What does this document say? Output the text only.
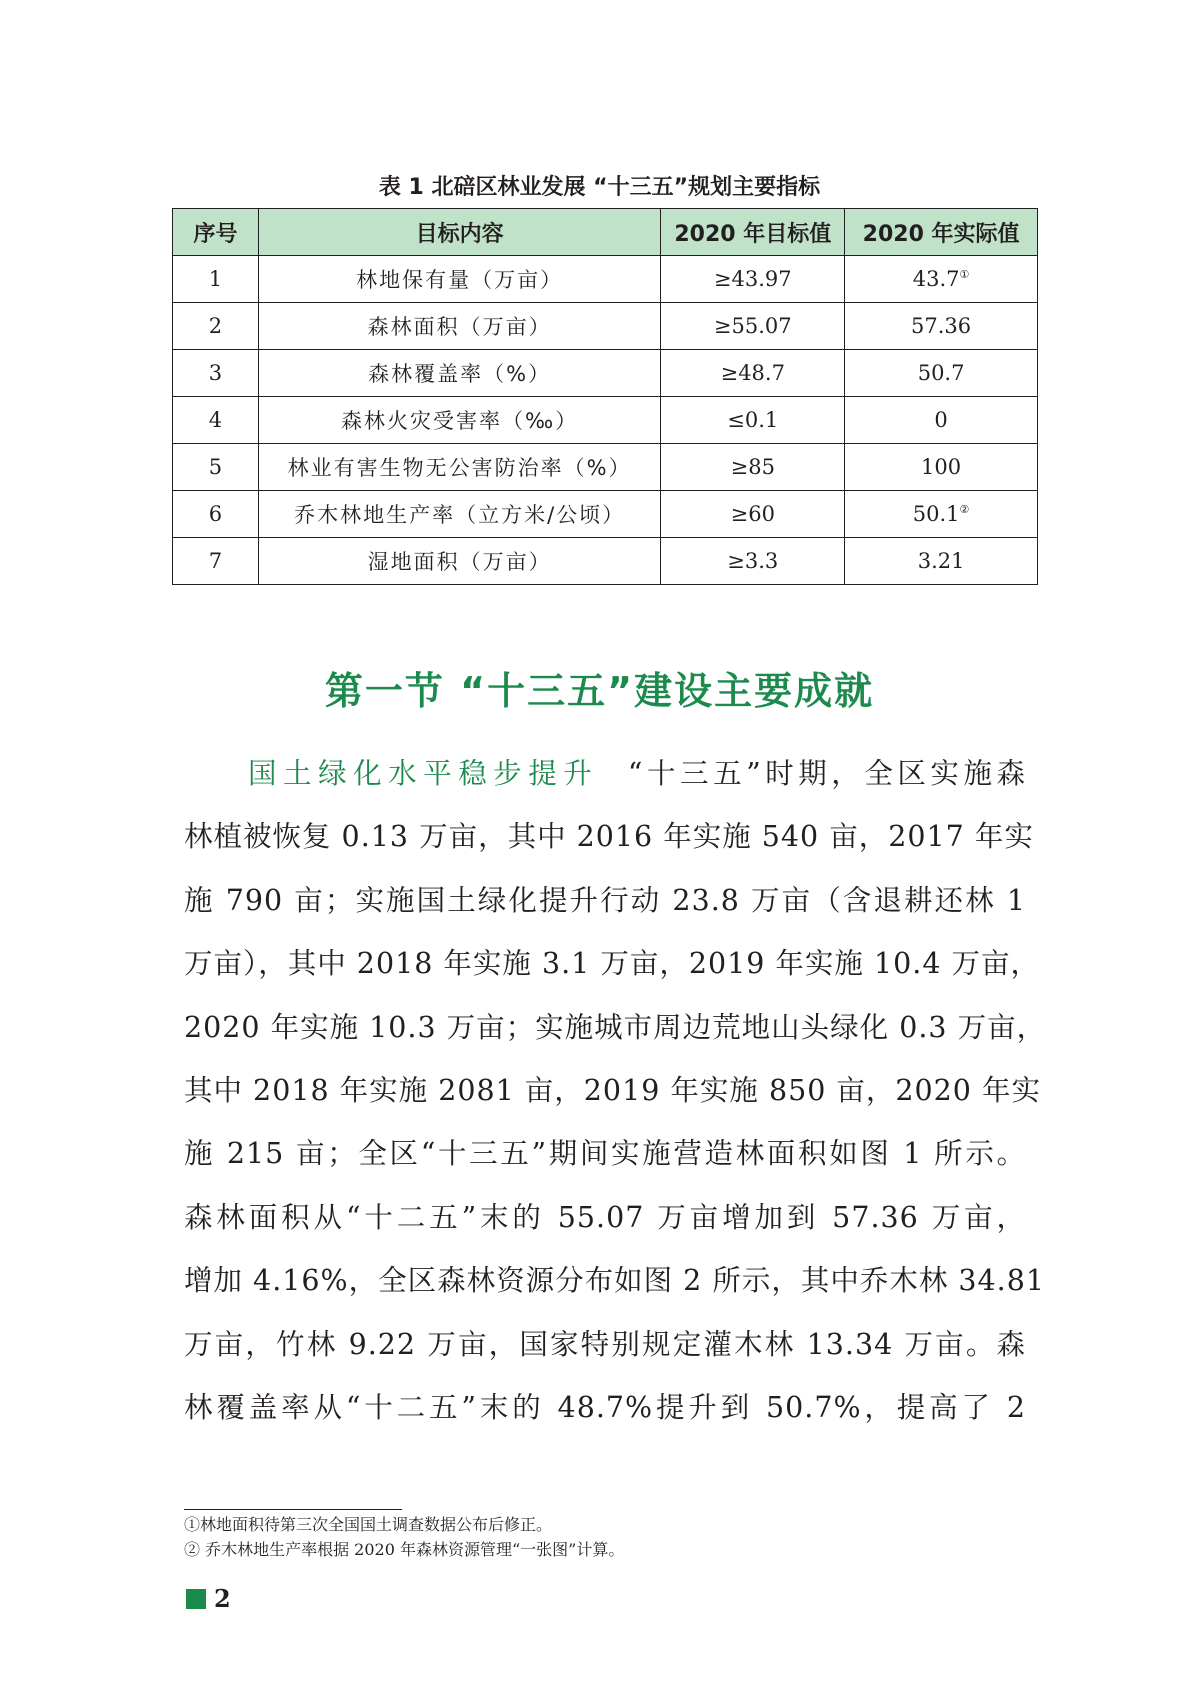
表 1 北碚区林业发展 “十三五”规划主要指标
序号	目标内容	2020 年目标值	2020 年实际值
1	林地保有量（万亩）	≥43.97	43.7①
2	森林面积（万亩）	≥55.07	57.36
3	森林覆盖率（%）	≥48.7	50.7
4	森林火灾受害率（‰）	≤0.1	0
5	林业有害生物无公害防治率（%）	≥85	100
6	乔木林地生产率（立方米/公顷）	≥60	50.1②
7	湿地面积（万亩）	≥3.3	3.21
第一节 “十三五”建设主要成就
国土绿化水平稳步提升  “十三五”时期，全区实施森
林植被恢复 0.13 万亩，其中 2016 年实施 540 亩，2017 年实
施 790 亩；实施国土绿化提升行动 23.8 万亩（含退耕还林 1
万亩），其中 2018 年实施 3.1 万亩，2019 年实施 10.4 万亩，
2020 年实施 10.3 万亩；实施城市周边荒地山头绿化 0.3 万亩，
其中 2018 年实施 2081 亩，2019 年实施 850 亩，2020 年实
施 215 亩；全区“十三五”期间实施营造林面积如图 1 所示。
森林面积从“十二五”末的 55.07 万亩增加到 57.36 万亩，
增加 4.16%，全区森林资源分布如图 2 所示，其中乔木林 34.81
万亩，竹林 9.22 万亩，国家特别规定灌木林 13.34 万亩。森
林覆盖率从“十二五”末的 48.7%提升到 50.7%，提高了 2
①林地面积待第三次全国国土调查数据公布后修正。
② 乔木林地生产率根据 2020 年森林资源管理“一张图”计算。
2
